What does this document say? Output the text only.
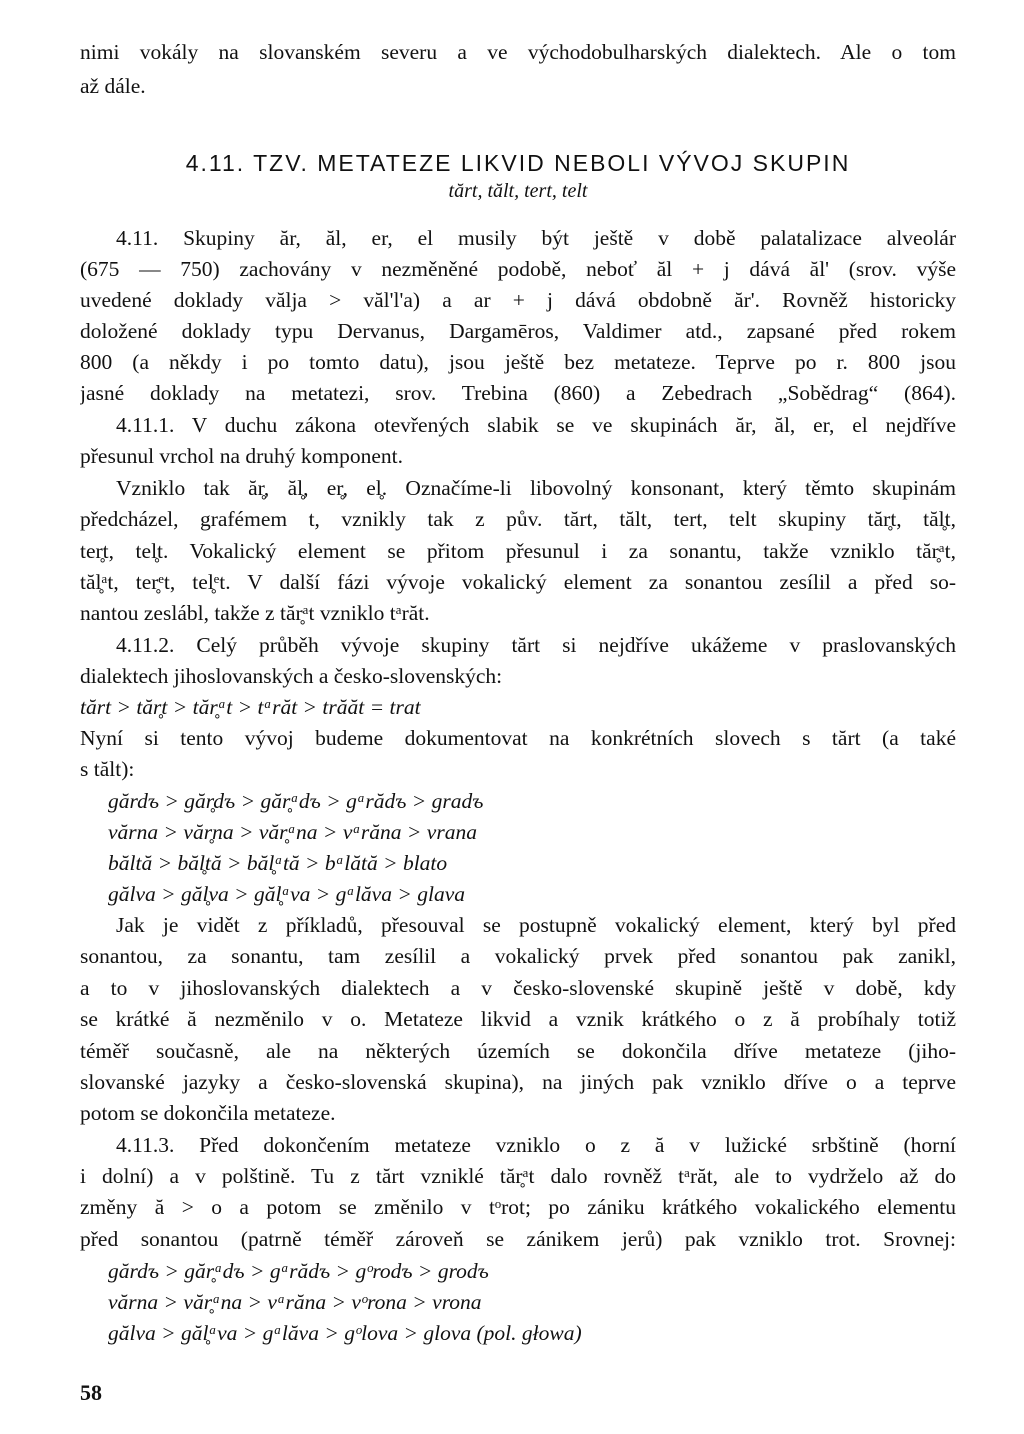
nimi vokály na slovanském severu a ve východobulharských dialektech. Ale o tom
až dále.
4.11. TZV. METATEZE LIKVID NEBOLI VÝVOJ SKUPIN
tărt, tălt, tert, telt
4.11. Skupiny ăr, ăl, er, el musily být ještě v době palatalizace alveolár
(675 — 750) zachovány v nezměněné podobě, neboť ăl + j dává ăl' (srov. výše
uvedené doklady vălja > văl'l'a) a ar + j dává obdobně ăr'. Rovněž historicky
doložené doklady typu Dervanus, Dargamēros, Valdimer atd., zapsané před rokem
800 (a někdy i po tomto datu), jsou ještě bez metateze. Teprve po r. 800 jsou
jasné doklady na metatezi, srov. Trebina (860) a Zebedrach „Sobědrag“ (864).
4.11.1. V duchu zákona otevřených slabik se ve skupinách ăr, ăl, er, el nejdříve
přesunul vrchol na druhý komponent.
Vzniklo tak ăr̥, ăl̥, er̥, el̥. Označíme-li libovolný konsonant, který těmto skupinám
předcházel, grafémem t, vznikly tak z pův. tărt, tălt, tert, telt skupiny tăr̥t, tăl̥t,
ter̥t, tel̥t. Vokalický element se přitom přesunul i za sonantu, takže vzniklo tăr̥ᵃt,
tăl̥ᵃt, ter̥ᵉt, tel̥ᵉt. V další fázi vývoje vokalický element za sonantou zesílil a před so-
nantou zeslábl, takže z tăr̥ᵃt vzniklo tᵃrăt.
4.11.2. Celý průběh vývoje skupiny tărt si nejdříve ukážeme v praslovanských
dialektech jihoslovanských a česko-slovenských:
tărt > tăr̥t > tăr̥ᵃt > tᵃrăt > trăăt = trat
Nyní si tento vývoj budeme dokumentovat na konkrétních slovech s tărt (a také
s tălt):
gărdъ > găr̥dъ > găr̥ᵃdъ > gᵃrădъ > gradъ
vărna > văr̥na > văr̥ᵃna > vᵃrăna > vrana
băltă > băl̥tă > băl̥ᵃtă > bᵃlătă > blato
gălva > găl̥va > găl̥ᵃva > gᵃlăva > glava
Jak je vidět z příkladů, přesouval se postupně vokalický element, který byl před
sonantou, za sonantu, tam zesílil a vokalický prvek před sonantou pak zanikl,
a to v jihoslovanských dialektech a v česko-slovenské skupině ještě v době, kdy
se krátké ă nezměnilo v o. Metateze likvid a vznik krátkého o z ă probíhaly totiž
téměř současně, ale na některých územích se dokončila dříve metateze (jiho-
slovanské jazyky a česko-slovenská skupina), na jiných pak vzniklo dříve o a teprve
potom se dokončila metateze.
4.11.3. Před dokončením metateze vzniklo o z ă v lužické srbštině (horní
i dolní) a v polštině. Tu z tărt vzniklé tăr̥ᵃt dalo rovněž tᵃrăt, ale to vydrželo až do
změny ă > o a potom se změnilo v tᵒrot; po zániku krátkého vokalického elementu
před sonantou (patrně téměř zároveň se zánikem jerů) pak vzniklo trot. Srovnej:
gărdъ > găr̥ᵃdъ > gᵃrădъ > gᵒrodъ > grodъ
vărna > văr̥ᵃna > vᵃrăna > vᵒrona > vrona
gălva > găl̥ᵃva > gᵃlăva > gᵒlova > glova (pol. głowa)
58
